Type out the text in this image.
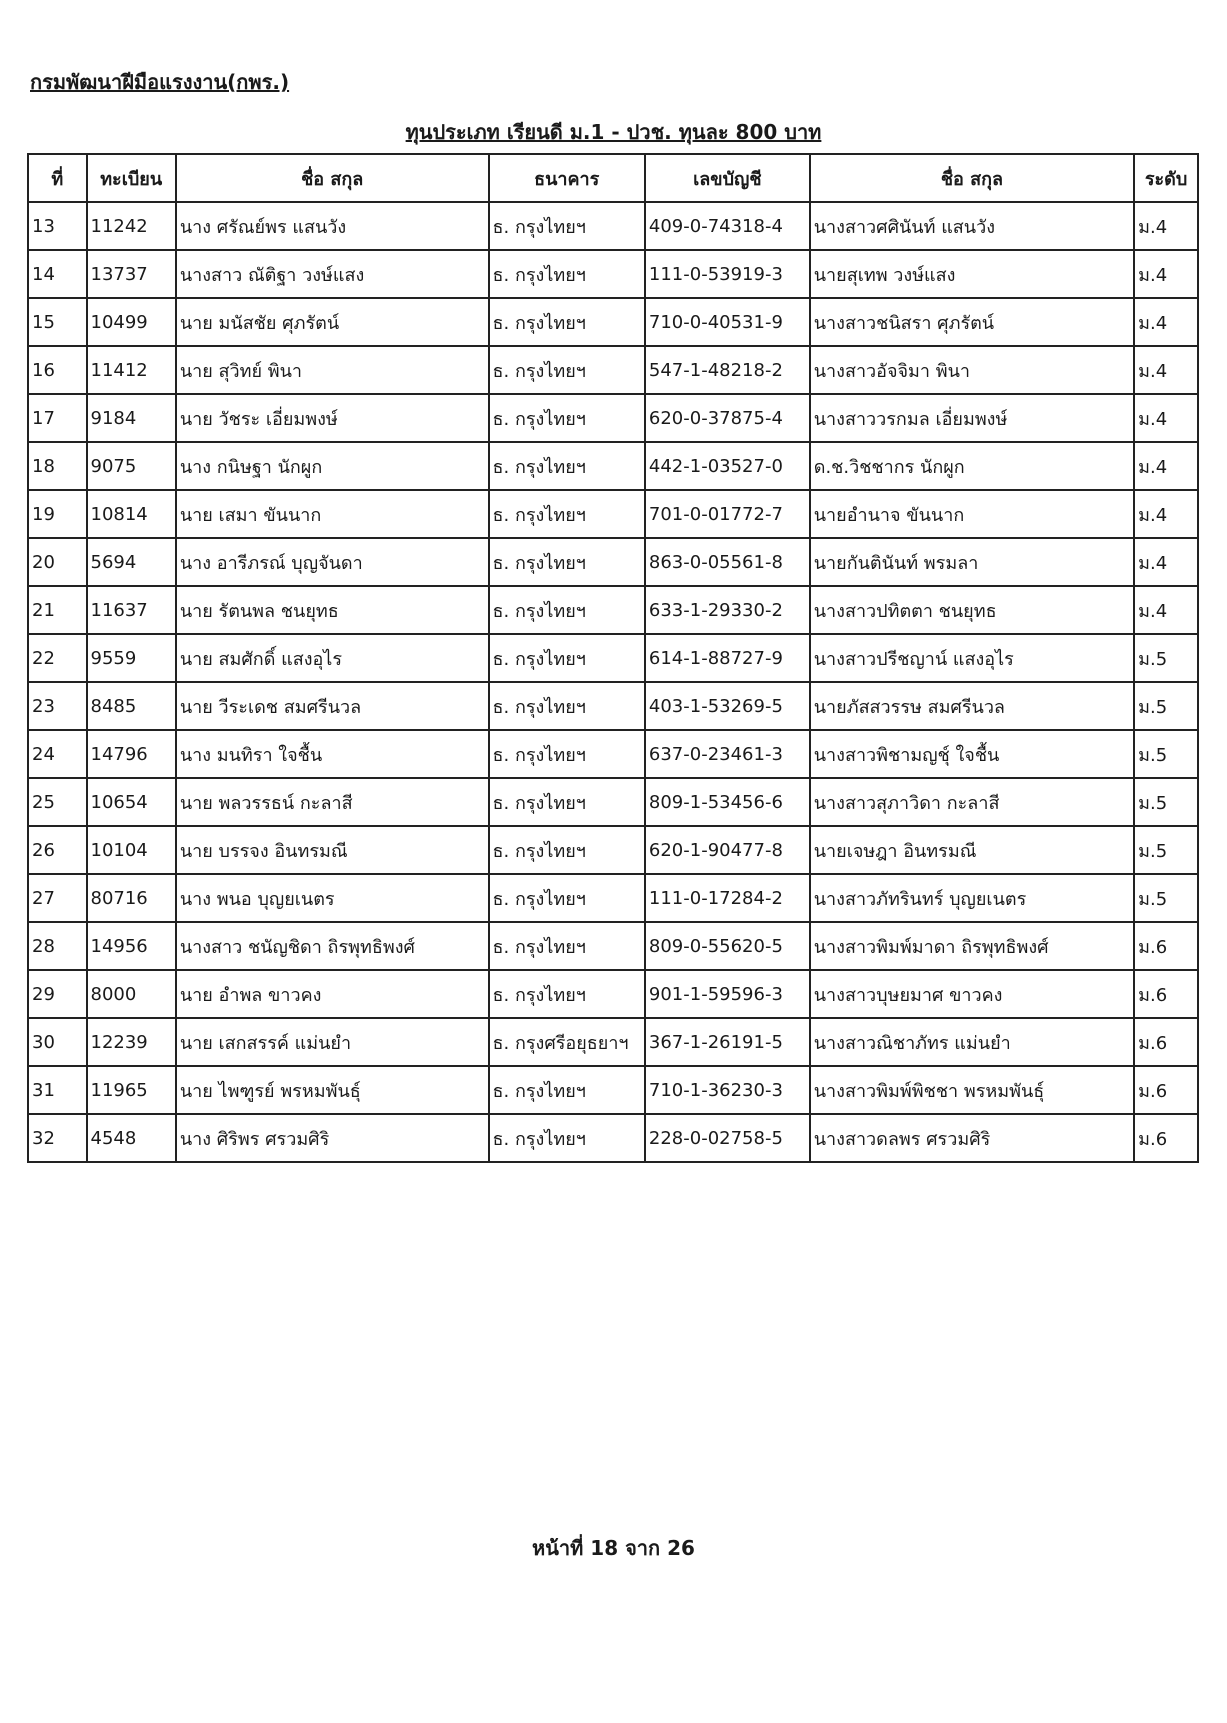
กรมพัฒนาฝีมือแรงงาน(กพร.)
ทุนประเภท เรียนดี ม.1 - ปวช. ทุนละ 800 บาท
ที่	ทะเบียน	ชื่อ สกุล	ธนาคาร	เลขบัญชี	ชื่อ สกุล	ระดับ
13	11242	นาง ศรัณย์พร แสนวัง	ธ. กรุงไทยฯ	409-0-74318-4	นางสาวศศินันท์ แสนวัง	ม.4
14	13737	นางสาว ณัติฐา วงษ์แสง	ธ. กรุงไทยฯ	111-0-53919-3	นายสุเทพ วงษ์แสง	ม.4
15	10499	นาย มนัสชัย ศุภรัตน์	ธ. กรุงไทยฯ	710-0-40531-9	นางสาวชนิสรา ศุภรัตน์	ม.4
16	11412	นาย สุวิทย์ พินา	ธ. กรุงไทยฯ	547-1-48218-2	นางสาวอัจจิมา พินา	ม.4
17	9184	นาย วัชระ เอี่ยมพงษ์	ธ. กรุงไทยฯ	620-0-37875-4	นางสาววรกมล เอี่ยมพงษ์	ม.4
18	9075	นาง กนิษฐา นักผูก	ธ. กรุงไทยฯ	442-1-03527-0	ด.ช.วิชชากร นักผูก	ม.4
19	10814	นาย เสมา ขันนาก	ธ. กรุงไทยฯ	701-0-01772-7	นายอำนาจ ขันนาก	ม.4
20	5694	นาง อารีภรณ์ บุญจันดา	ธ. กรุงไทยฯ	863-0-05561-8	นายกันตินันท์ พรมลา	ม.4
21	11637	นาย รัตนพล ชนยุทธ	ธ. กรุงไทยฯ	633-1-29330-2	นางสาวปทิตตา ชนยุทธ	ม.4
22	9559	นาย สมศักดิ์ แสงอุไร	ธ. กรุงไทยฯ	614-1-88727-9	นางสาวปรีชญาน์ แสงอุไร	ม.5
23	8485	นาย วีระเดช สมศรีนวล	ธ. กรุงไทยฯ	403-1-53269-5	นายภัสสวรรษ สมศรีนวล	ม.5
24	14796	นาง มนทิรา ใจชื้น	ธ. กรุงไทยฯ	637-0-23461-3	นางสาวพิชามญชุ์ ใจชื้น	ม.5
25	10654	นาย พลวรรธน์ กะลาสี	ธ. กรุงไทยฯ	809-1-53456-6	นางสาวสุภาวิดา กะลาสี	ม.5
26	10104	นาย บรรจง อินทรมณี	ธ. กรุงไทยฯ	620-1-90477-8	นายเจษฎา อินทรมณี	ม.5
27	80716	นาง พนอ บุญยเนตร	ธ. กรุงไทยฯ	111-0-17284-2	นางสาวภัทรินทร์ บุญยเนตร	ม.5
28	14956	นางสาว ชนัญชิดา ถิรพุทธิพงศ์	ธ. กรุงไทยฯ	809-0-55620-5	นางสาวพิมพ์มาดา ถิรพุทธิพงศ์	ม.6
29	8000	นาย อำพล ขาวคง	ธ. กรุงไทยฯ	901-1-59596-3	นางสาวบุษยมาศ ขาวคง	ม.6
30	12239	นาย เสกสรรค์ แม่นยำ	ธ. กรุงศรีอยุธยาฯ	367-1-26191-5	นางสาวณิชาภัทร แม่นยำ	ม.6
31	11965	นาย ไพฑูรย์ พรหมพันธุ์	ธ. กรุงไทยฯ	710-1-36230-3	นางสาวพิมพ์พิชชา พรหมพันธุ์	ม.6
32	4548	นาง ศิริพร ศรวมศิริ	ธ. กรุงไทยฯ	228-0-02758-5	นางสาวดลพร ศรวมศิริ	ม.6
หน้าที่ 18 จาก 26
